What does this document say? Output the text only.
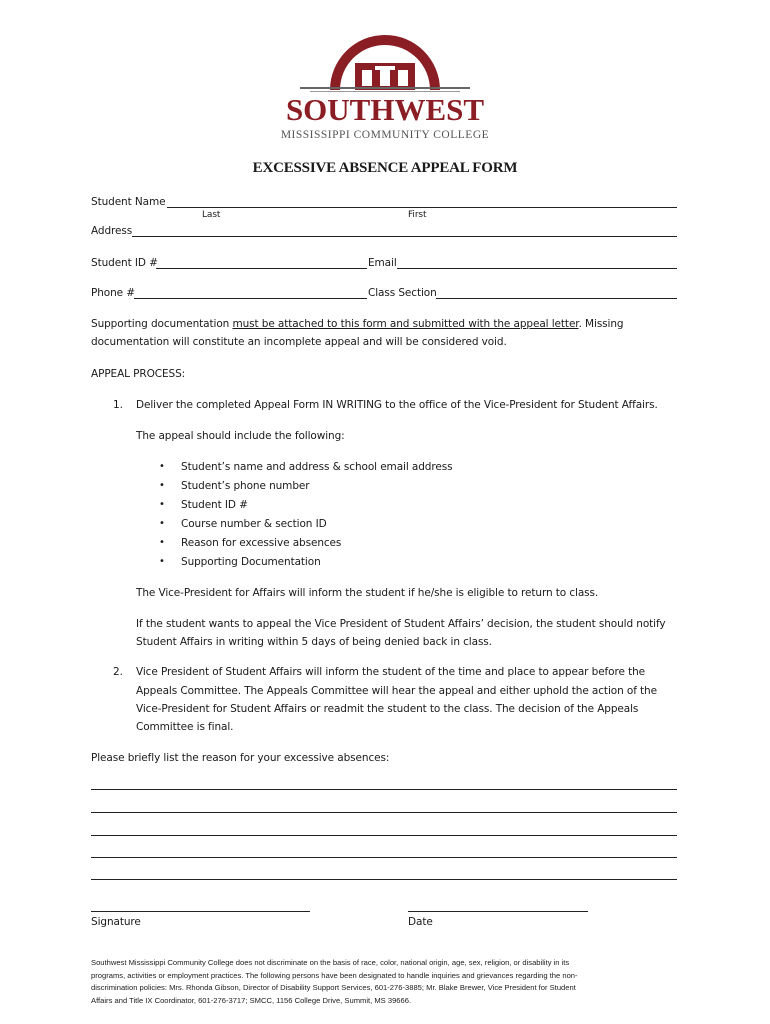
SOUTHWEST
MISSISSIPPI COMMUNITY COLLEGE
EXCESSIVE ABSENCE APPEAL FORM
Student Name
Last	First
Address
Student ID #	Email
Phone #	Class Section
Supporting documentation must be attached to this form and submitted with the appeal letter. Missing
documentation will constitute an incomplete appeal and will be considered void.
APPEAL PROCESS:
1. Deliver the completed Appeal Form IN WRITING to the office of the Vice-President for Student Affairs.
The appeal should include the following:
• Student’s name and address & school email address
• Student’s phone number
• Student ID #
• Course number & section ID
• Reason for excessive absences
• Supporting Documentation
The Vice-President for Affairs will inform the student if he/she is eligible to return to class.
If the student wants to appeal the Vice President of Student Affairs’ decision, the student should notify
Student Affairs in writing within 5 days of being denied back in class.
2. Vice President of Student Affairs will inform the student of the time and place to appear before the
Appeals Committee. The Appeals Committee will hear the appeal and either uphold the action of the
Vice-President for Student Affairs or readmit the student to the class. The decision of the Appeals
Committee is final.
Please briefly list the reason for your excessive absences:
Signature	Date
Southwest Mississippi Community College does not discriminate on the basis of race, color, national origin, age, sex, religion, or disability in its
programs, activities or employment practices. The following persons have been designated to handle inquiries and grievances regarding the non-
discrimination policies: Mrs. Rhonda Gibson, Director of Disability Support Services, 601-276-3885; Mr. Blake Brewer, Vice President for Student
Affairs and Title IX Coordinator, 601-276-3717; SMCC, 1156 College Drive, Summit, MS 39666.
